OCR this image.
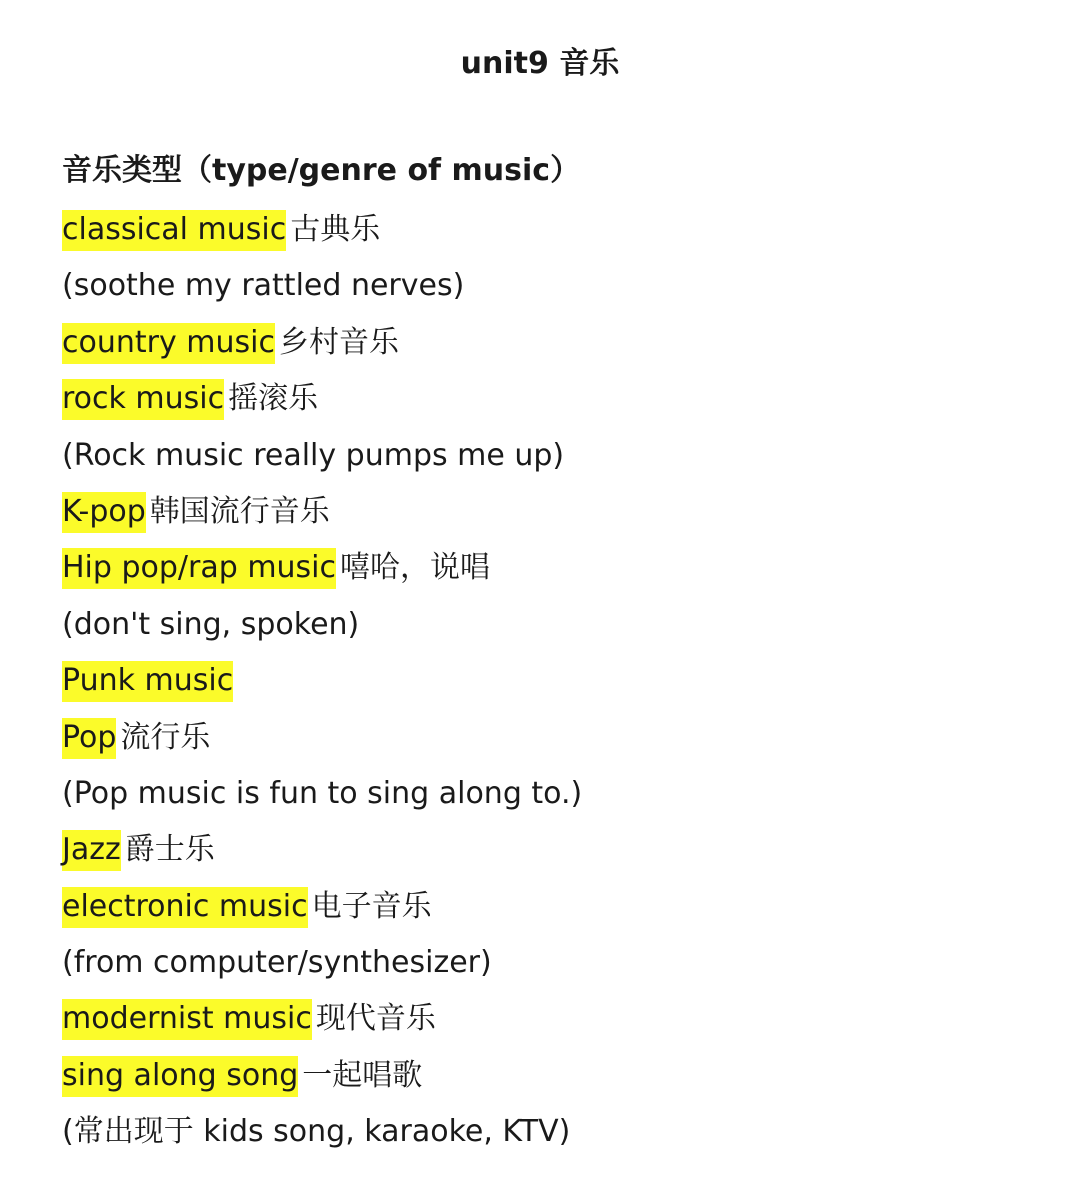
unit9 音乐
音乐类型（type/genre of music）
classical music 古典乐
(soothe my rattled nerves)
country music 乡村音乐
rock music 摇滚乐
(Rock music really pumps me up)
K-pop 韩国流行音乐
Hip pop/rap music 嘻哈，说唱
(don't sing, spoken)
Punk music
Pop 流行乐
(Pop music is fun to sing along to.)
Jazz 爵士乐
electronic music 电子音乐
(from computer/synthesizer)
modernist music 现代音乐
sing along song 一起唱歌
(常出现于 kids song, karaoke, KTV)
